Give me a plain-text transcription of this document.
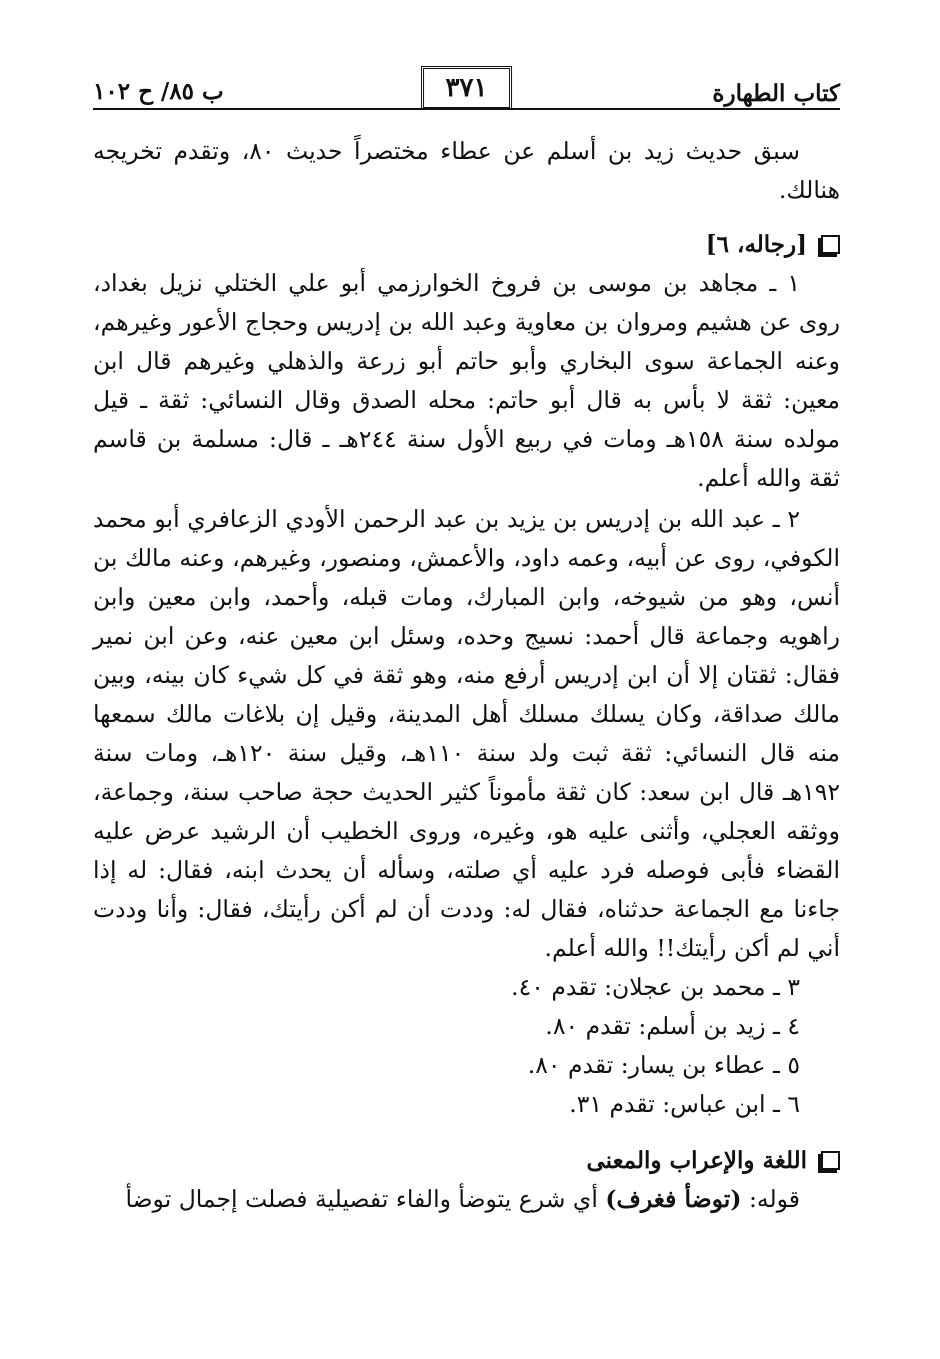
كتاب الطهارة
٣٧١
ب ٨٥/ ح ١٠٢

سبق حديث زيد بن أسلم عن عطاء مختصراً حديث ٨٠، وتقدم تخريجه هنالك.

[رجاله، ٦]

١ ـ مجاهد بن موسى بن فروخ الخوارزمي أبو علي الختلي نزيل بغداد، روى عن هشيم ومروان بن معاوية وعبد الله بن إدريس وحجاج الأعور وغيرهم، وعنه الجماعة سوى البخاري وأبو حاتم أبو زرعة والذهلي وغيرهم قال ابن معين: ثقة لا بأس به قال أبو حاتم: محله الصدق وقال النسائي: ثقة ـ قيل مولده سنة ١٥٨هـ ومات في ربيع الأول سنة ٢٤٤هـ ـ قال: مسلمة بن قاسم ثقة والله أعلم.

٢ ـ عبد الله بن إدريس بن يزيد بن عبد الرحمن الأودي الزعافري أبو محمد الكوفي، روى عن أبيه، وعمه داود، والأعمش، ومنصور، وغيرهم، وعنه مالك بن أنس، وهو من شيوخه، وابن المبارك، ومات قبله، وأحمد، وابن معين وابن راهويه وجماعة قال أحمد: نسيج وحده، وسئل ابن معين عنه، وعن ابن نمير فقال: ثقتان إلا أن ابن إدريس أرفع منه، وهو ثقة في كل شيء كان بينه، وبين مالك صداقة، وكان يسلك مسلك أهل المدينة، وقيل إن بلاغات مالك سمعها منه قال النسائي: ثقة ثبت ولد سنة ١١٠هـ، وقيل سنة ١٢٠هـ، ومات سنة ١٩٢هـ قال ابن سعد: كان ثقة مأموناً كثير الحديث حجة صاحب سنة، وجماعة، ووثقه العجلي، وأثنى عليه هو، وغيره، وروى الخطيب أن الرشيد عرض عليه القضاء فأبى فوصله فرد عليه أي صلته، وسأله أن يحدث ابنه، فقال: له إذا جاءنا مع الجماعة حدثناه، فقال له: وددت أن لم أكن رأيتك، فقال: وأنا وددت أني لم أكن رأيتك!! والله أعلم.

٣ ـ محمد بن عجلان: تقدم ٤٠.
٤ ـ زيد بن أسلم: تقدم ٨٠.
٥ ـ عطاء بن يسار: تقدم ٨٠.
٦ ـ ابن عباس: تقدم ٣١.
اللغة والإعراب والمعنى

قوله: (توضأ فغرف) أي شرع يتوضأ والفاء تفصيلية فصلت إجمال توضأ
